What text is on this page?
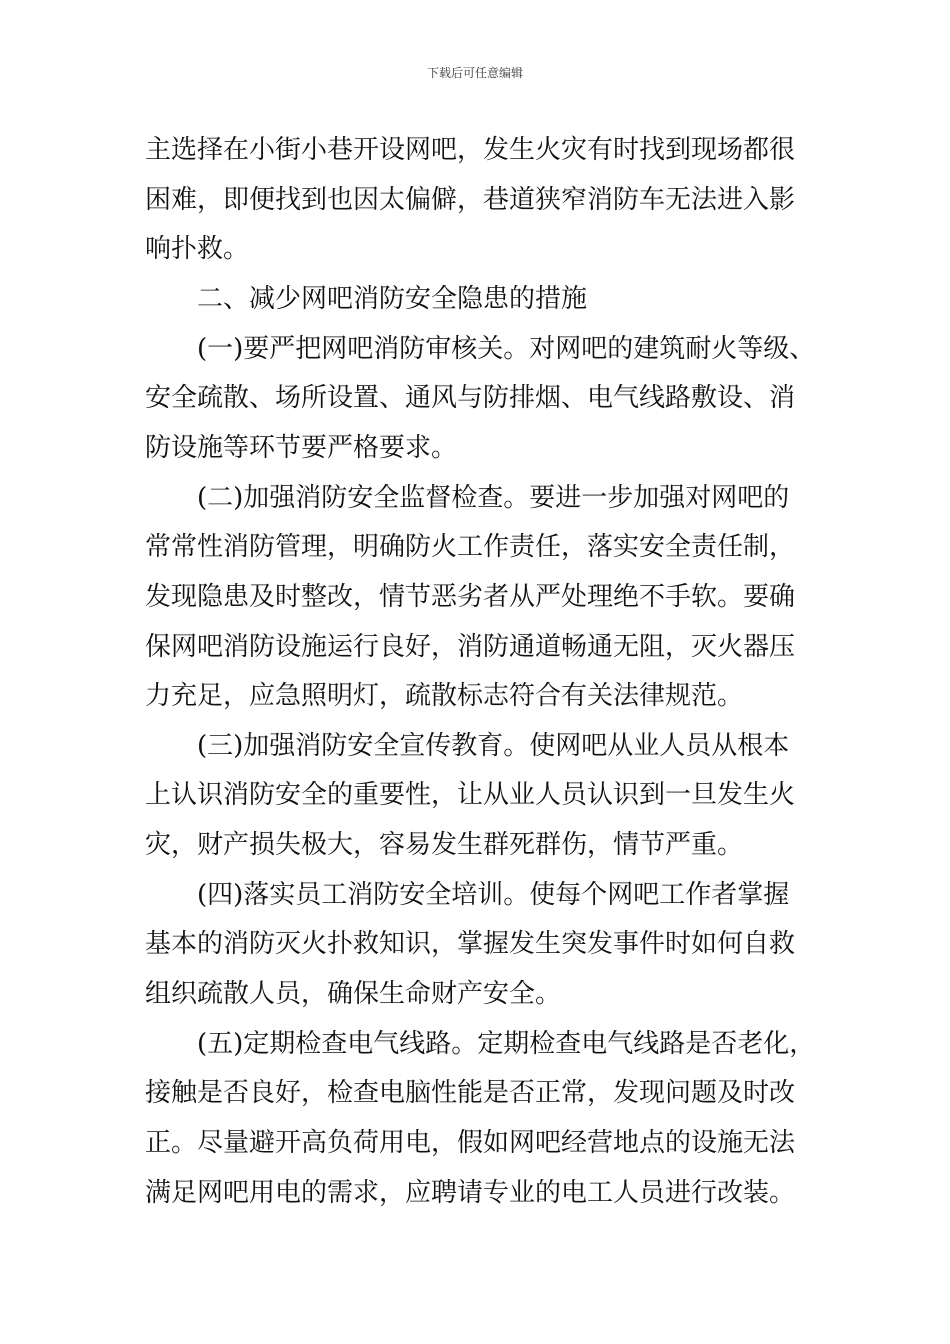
下载后可任意编辑
主选择在小街小巷开设网吧，发生火灾有时找到现场都很
困难，即便找到也因太偏僻，巷道狭窄消防车无法进入影
响扑救。
二、减少网吧消防安全隐患的措施
(一)要严把网吧消防审核关。对网吧的建筑耐火等级、
安全疏散、场所设置、通风与防排烟、电气线路敷设、消
防设施等环节要严格要求。
(二)加强消防安全监督检查。要进一步加强对网吧的
常常性消防管理，明确防火工作责任，落实安全责任制，
发现隐患及时整改，情节恶劣者从严处理绝不手软。要确
保网吧消防设施运行良好，消防通道畅通无阻，灭火器压
力充足，应急照明灯，疏散标志符合有关法律规范。
(三)加强消防安全宣传教育。使网吧从业人员从根本
上认识消防安全的重要性，让从业人员认识到一旦发生火
灾，财产损失极大，容易发生群死群伤，情节严重。
(四)落实员工消防安全培训。使每个网吧工作者掌握
基本的消防灭火扑救知识，掌握发生突发事件时如何自救
组织疏散人员，确保生命财产安全。
(五)定期检查电气线路。定期检查电气线路是否老化，
接触是否良好，检查电脑性能是否正常，发现问题及时改
正。尽量避开高负荷用电，假如网吧经营地点的设施无法
满足网吧用电的需求，应聘请专业的电工人员进行改装。
